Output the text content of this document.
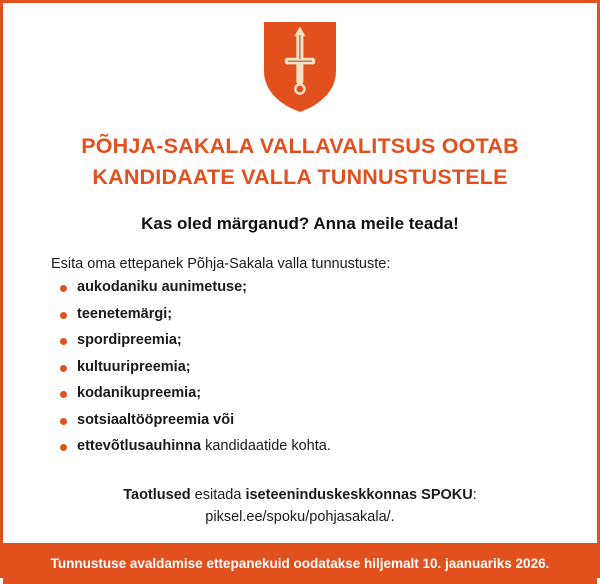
PÕHJA-SAKALA VALLAVALITSUS OOTAB
KANDIDAATE VALLA TUNNUSTUSTELE

Kas oled märganud? Anna meile teada!

Esita oma ettepanek Põhja-Sakala valla tunnustuste:

aukodaniku aunimetuse;
teenetemärgi;
spordipreemia;
kultuuripreemia;
kodanikupreemia;
sotsiaaltööpreemia või
ettevõtlusauhinna kandidaatide kohta.

Taotlused esitada iseteeninduskeskkonnas SPOKU:
piksel.ee/spoku/pohjasakala/.

Tunnustuse avaldamise ettepanekuid oodatakse hiljemalt 10. jaanuariks 2026.
